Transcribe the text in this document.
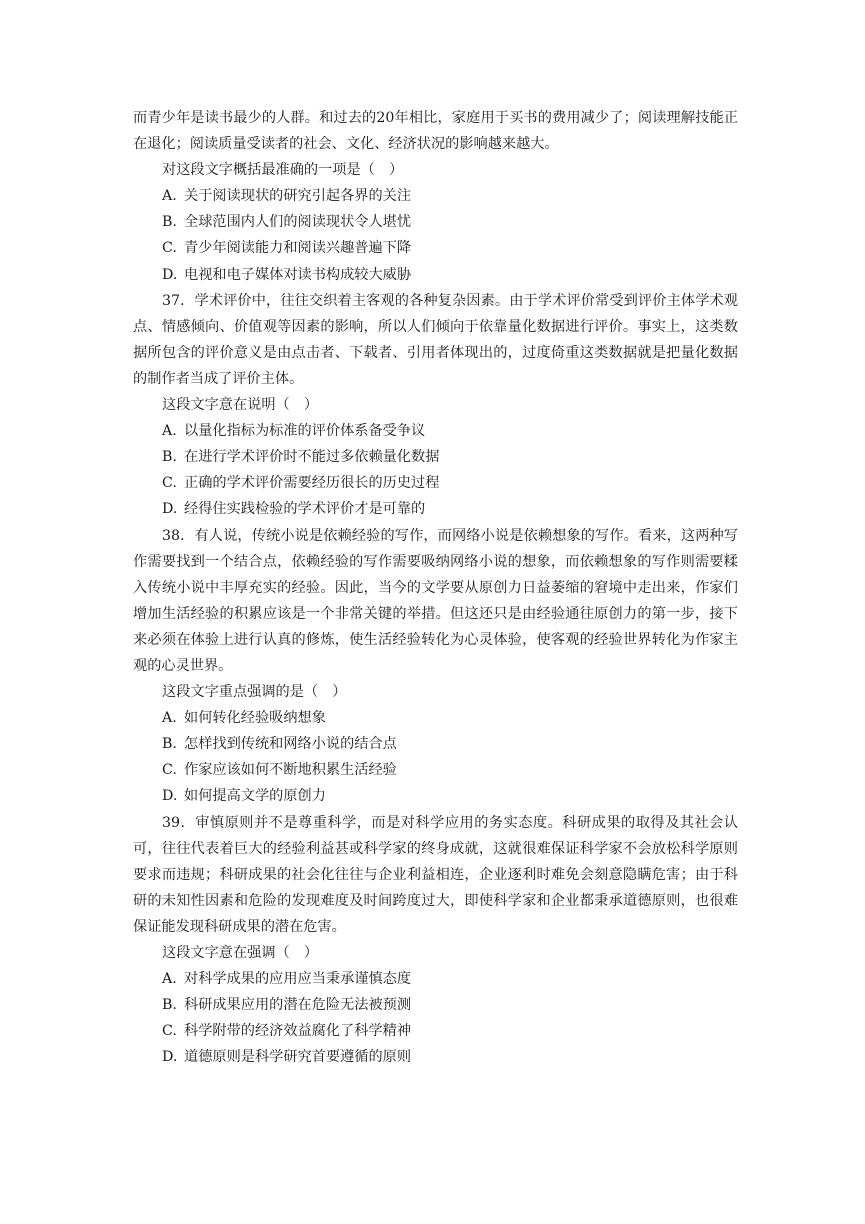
而青少年是读书最少的人群。和过去的20年相比，家庭用于买书的费用减少了；阅读理解技能正在退化；阅读质量受读者的社会、文化、经济状况的影响越来越大。

对这段文字概括最准确的一项是（　）

A. 关于阅读现状的研究引起各界的关注

B. 全球范围内人们的阅读现状令人堪忧

C. 青少年阅读能力和阅读兴趣普遍下降

D. 电视和电子媒体对读书构成较大威胁

37．学术评价中，往往交织着主客观的各种复杂因素。由于学术评价常受到评价主体学术观点、情感倾向、价值观等因素的影响，所以人们倾向于依靠量化数据进行评价。事实上，这类数据所包含的评价意义是由点击者、下载者、引用者体现出的，过度倚重这类数据就是把量化数据的制作者当成了评价主体。

这段文字意在说明（　）

A. 以量化指标为标准的评价体系备受争议

B. 在进行学术评价时不能过多依赖量化数据

C. 正确的学术评价需要经历很长的历史过程

D. 经得住实践检验的学术评价才是可靠的

38．有人说，传统小说是依赖经验的写作，而网络小说是依赖想象的写作。看来，这两种写作需要找到一个结合点，依赖经验的写作需要吸纳网络小说的想象，而依赖想象的写作则需要糅入传统小说中丰厚充实的经验。因此，当今的文学要从原创力日益萎缩的窘境中走出来，作家们增加生活经验的积累应该是一个非常关键的举措。但这还只是由经验通往原创力的第一步，接下来必须在体验上进行认真的修炼，使生活经验转化为心灵体验，使客观的经验世界转化为作家主观的心灵世界。

这段文字重点强调的是（　）

A. 如何转化经验吸纳想象

B. 怎样找到传统和网络小说的结合点

C. 作家应该如何不断地积累生活经验

D. 如何提高文学的原创力

39．审慎原则并不是尊重科学，而是对科学应用的务实态度。科研成果的取得及其社会认可，往往代表着巨大的经验利益甚或科学家的终身成就，这就很难保证科学家不会放松科学原则要求而违规；科研成果的社会化往往与企业利益相连，企业逐利时难免会刻意隐瞒危害；由于科研的未知性因素和危险的发现难度及时间跨度过大，即使科学家和企业都秉承道德原则，也很难保证能发现科研成果的潜在危害。

这段文字意在强调（　）

A. 对科学成果的应用应当秉承谨慎态度

B. 科研成果应用的潜在危险无法被预测

C. 科学附带的经济效益腐化了科学精神

D. 道德原则是科学研究首要遵循的原则
